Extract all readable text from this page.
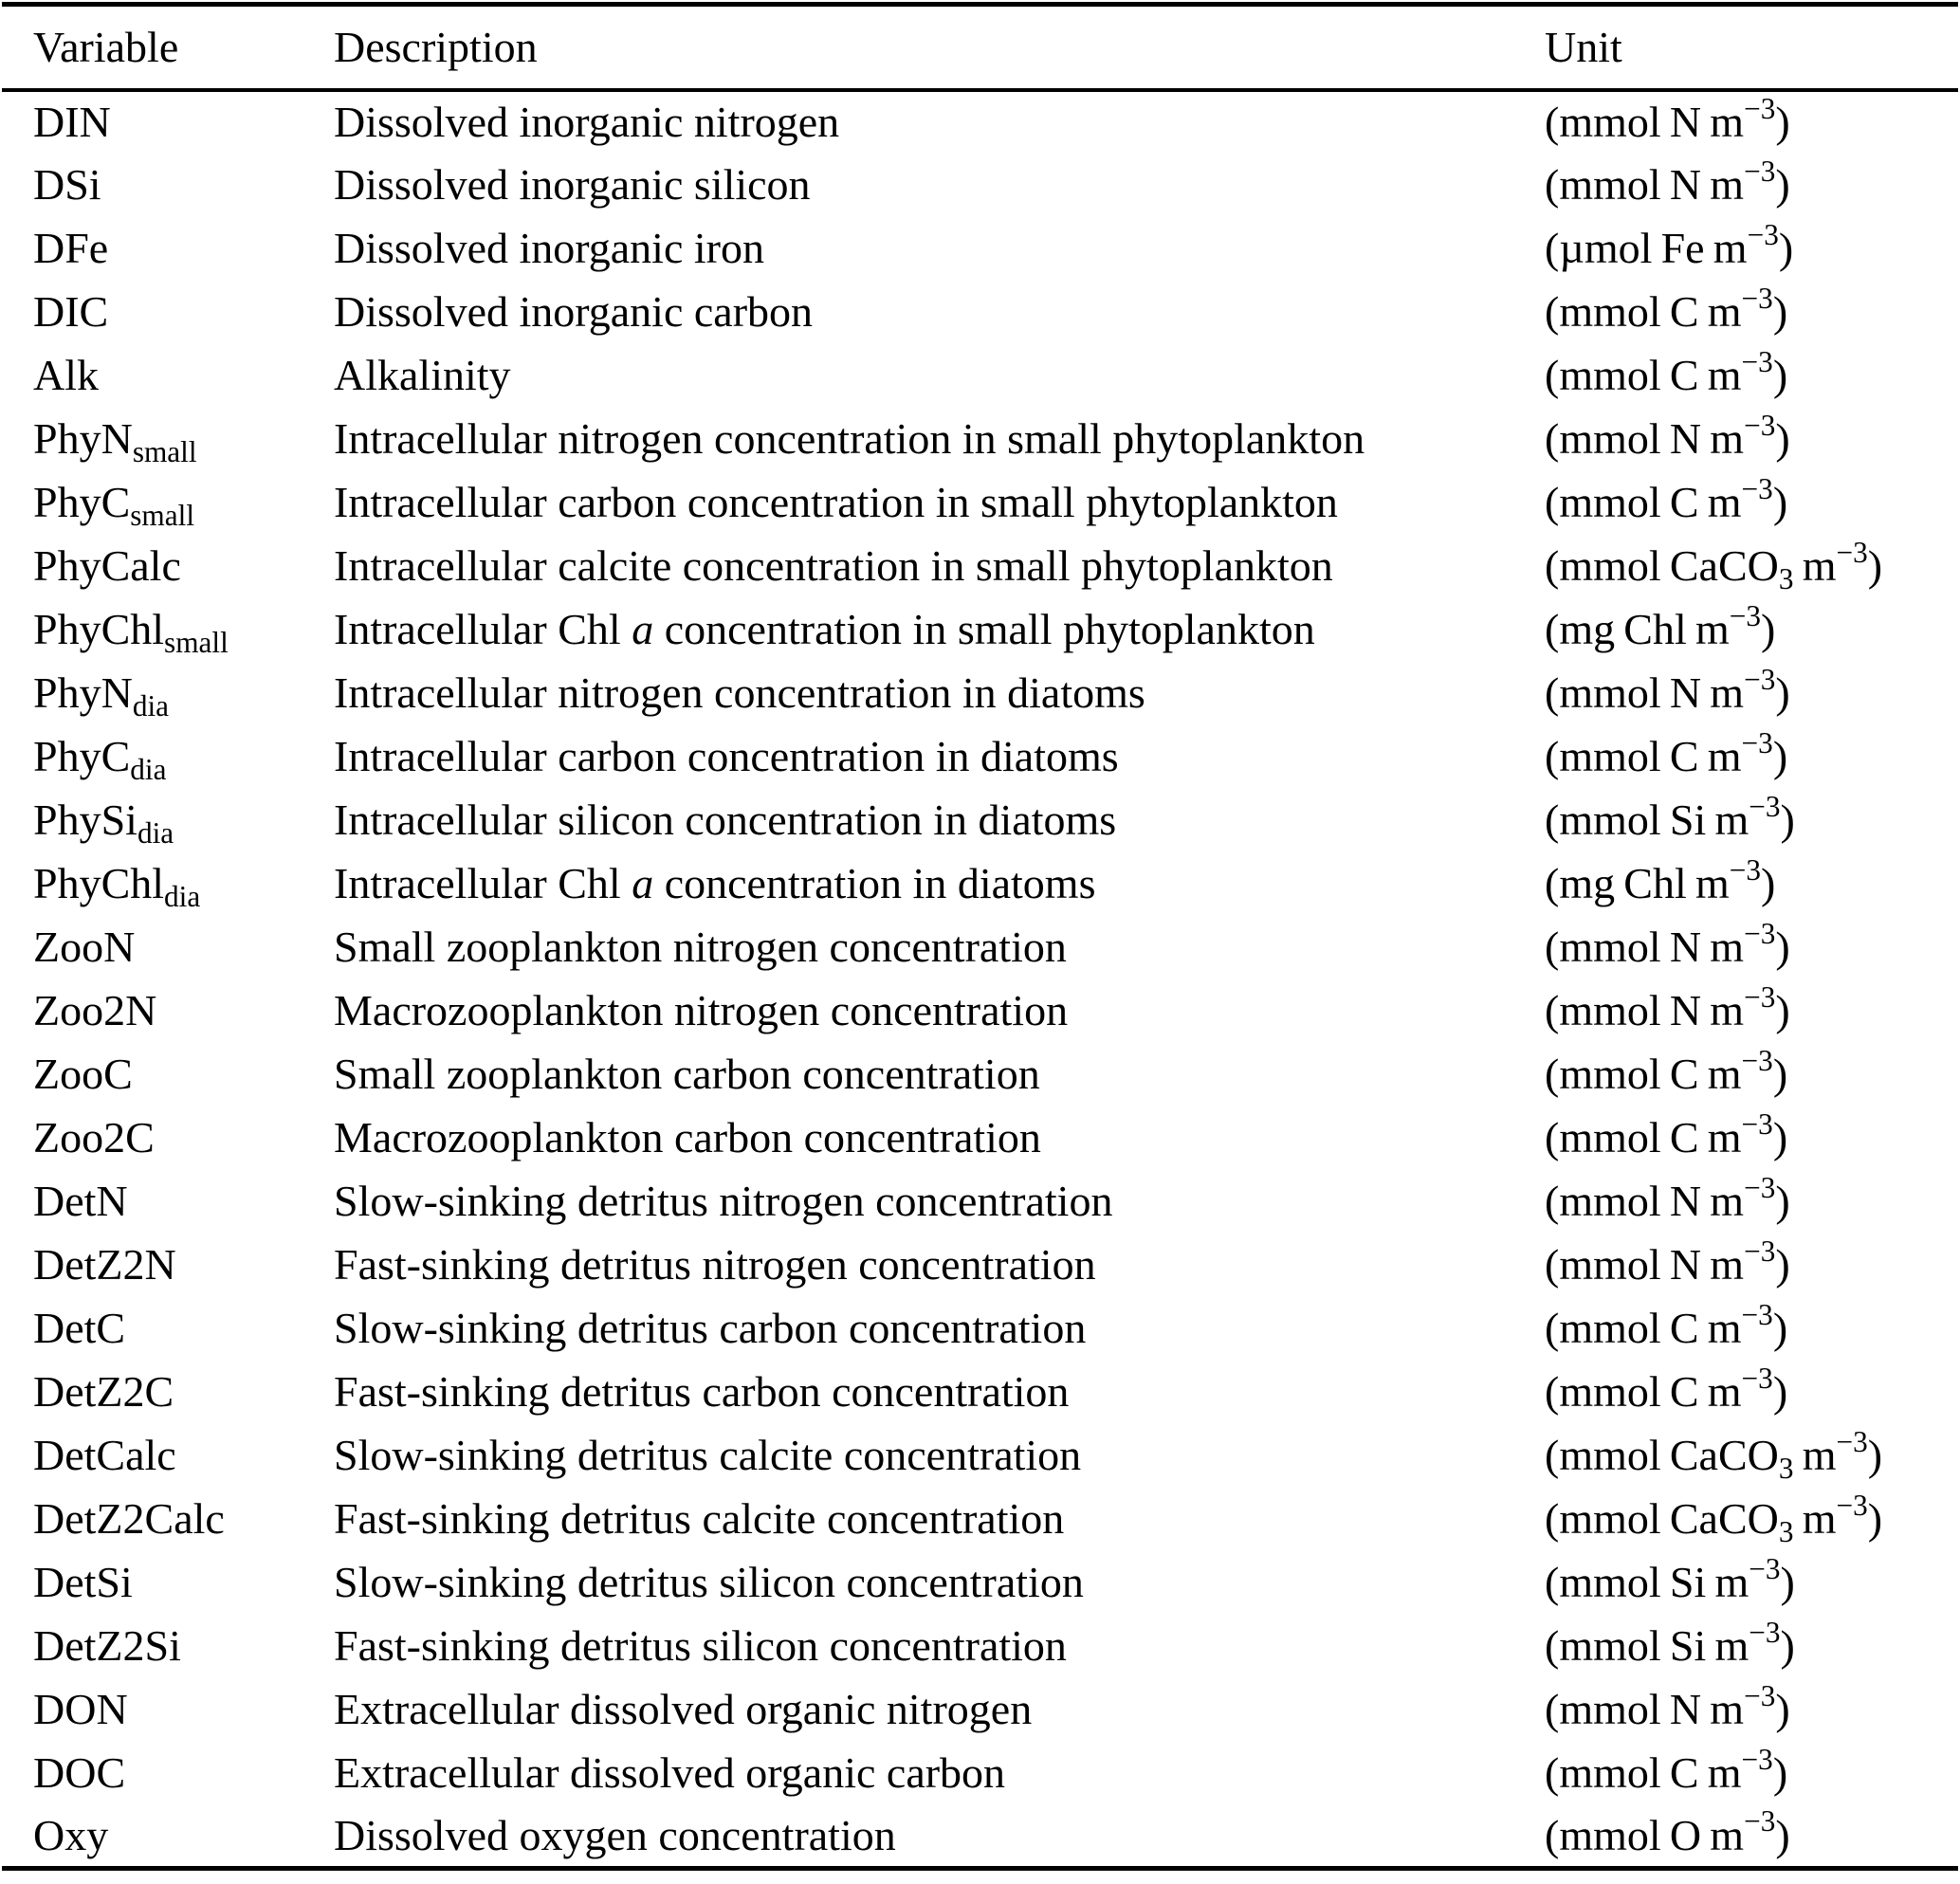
Variable	Description	Unit
DIN	Dissolved inorganic nitrogen	(mmol N $m^{-3}$)
DSi	Dissolved inorganic silicon	(mmol N $m^{-3}$)
DFe	Dissolved inorganic iron	(µmol Fe $m^{-3}$)
DIC	Dissolved inorganic carbon	(mmol C $m^{-3}$)
Alk	Alkalinity	(mmol C $m^{-3}$)
PhyN$_{small}$	Intracellular nitrogen concentration in small phytoplankton	(mmol N $m^{-3}$)
PhyC$_{small}$	Intracellular carbon concentration in small phytoplankton	(mmol C $m^{-3}$)
PhyCalc	Intracellular calcite concentration in small phytoplankton	(mmol CaCO$_3$ $m^{-3}$)
PhyChl$_{small}$	Intracellular Chl a concentration in small phytoplankton	(mg Chl $m^{-3}$)
PhyN$_{dia}$	Intracellular nitrogen concentration in diatoms	(mmol N $m^{-3}$)
PhyC$_{dia}$	Intracellular carbon concentration in diatoms	(mmol C $m^{-3}$)
PhySi$_{dia}$	Intracellular silicon concentration in diatoms	(mmol Si $m^{-3}$)
PhyChl$_{dia}$	Intracellular Chl a concentration in diatoms	(mg Chl $m^{-3}$)
ZooN	Small zooplankton nitrogen concentration	(mmol N $m^{-3}$)
Zoo2N	Macrozooplankton nitrogen concentration	(mmol N $m^{-3}$)
ZooC	Small zooplankton carbon concentration	(mmol C $m^{-3}$)
Zoo2C	Macrozooplankton carbon concentration	(mmol C $m^{-3}$)
DetN	Slow-sinking detritus nitrogen concentration	(mmol N $m^{-3}$)
DetZ2N	Fast-sinking detritus nitrogen concentration	(mmol N $m^{-3}$)
DetC	Slow-sinking detritus carbon concentration	(mmol C $m^{-3}$)
DetZ2C	Fast-sinking detritus carbon concentration	(mmol C $m^{-3}$)
DetCalc	Slow-sinking detritus calcite concentration	(mmol CaCO$_3$ $m^{-3}$)
DetZ2Calc	Fast-sinking detritus calcite concentration	(mmol CaCO$_3$ $m^{-3}$)
DetSi	Slow-sinking detritus silicon concentration	(mmol Si $m^{-3}$)
DetZ2Si	Fast-sinking detritus silicon concentration	(mmol Si $m^{-3}$)
DON	Extracellular dissolved organic nitrogen	(mmol N $m^{-3}$)
DOC	Extracellular dissolved organic carbon	(mmol C $m^{-3}$)
Oxy	Dissolved oxygen concentration	(mmol O $m^{-3}$)
